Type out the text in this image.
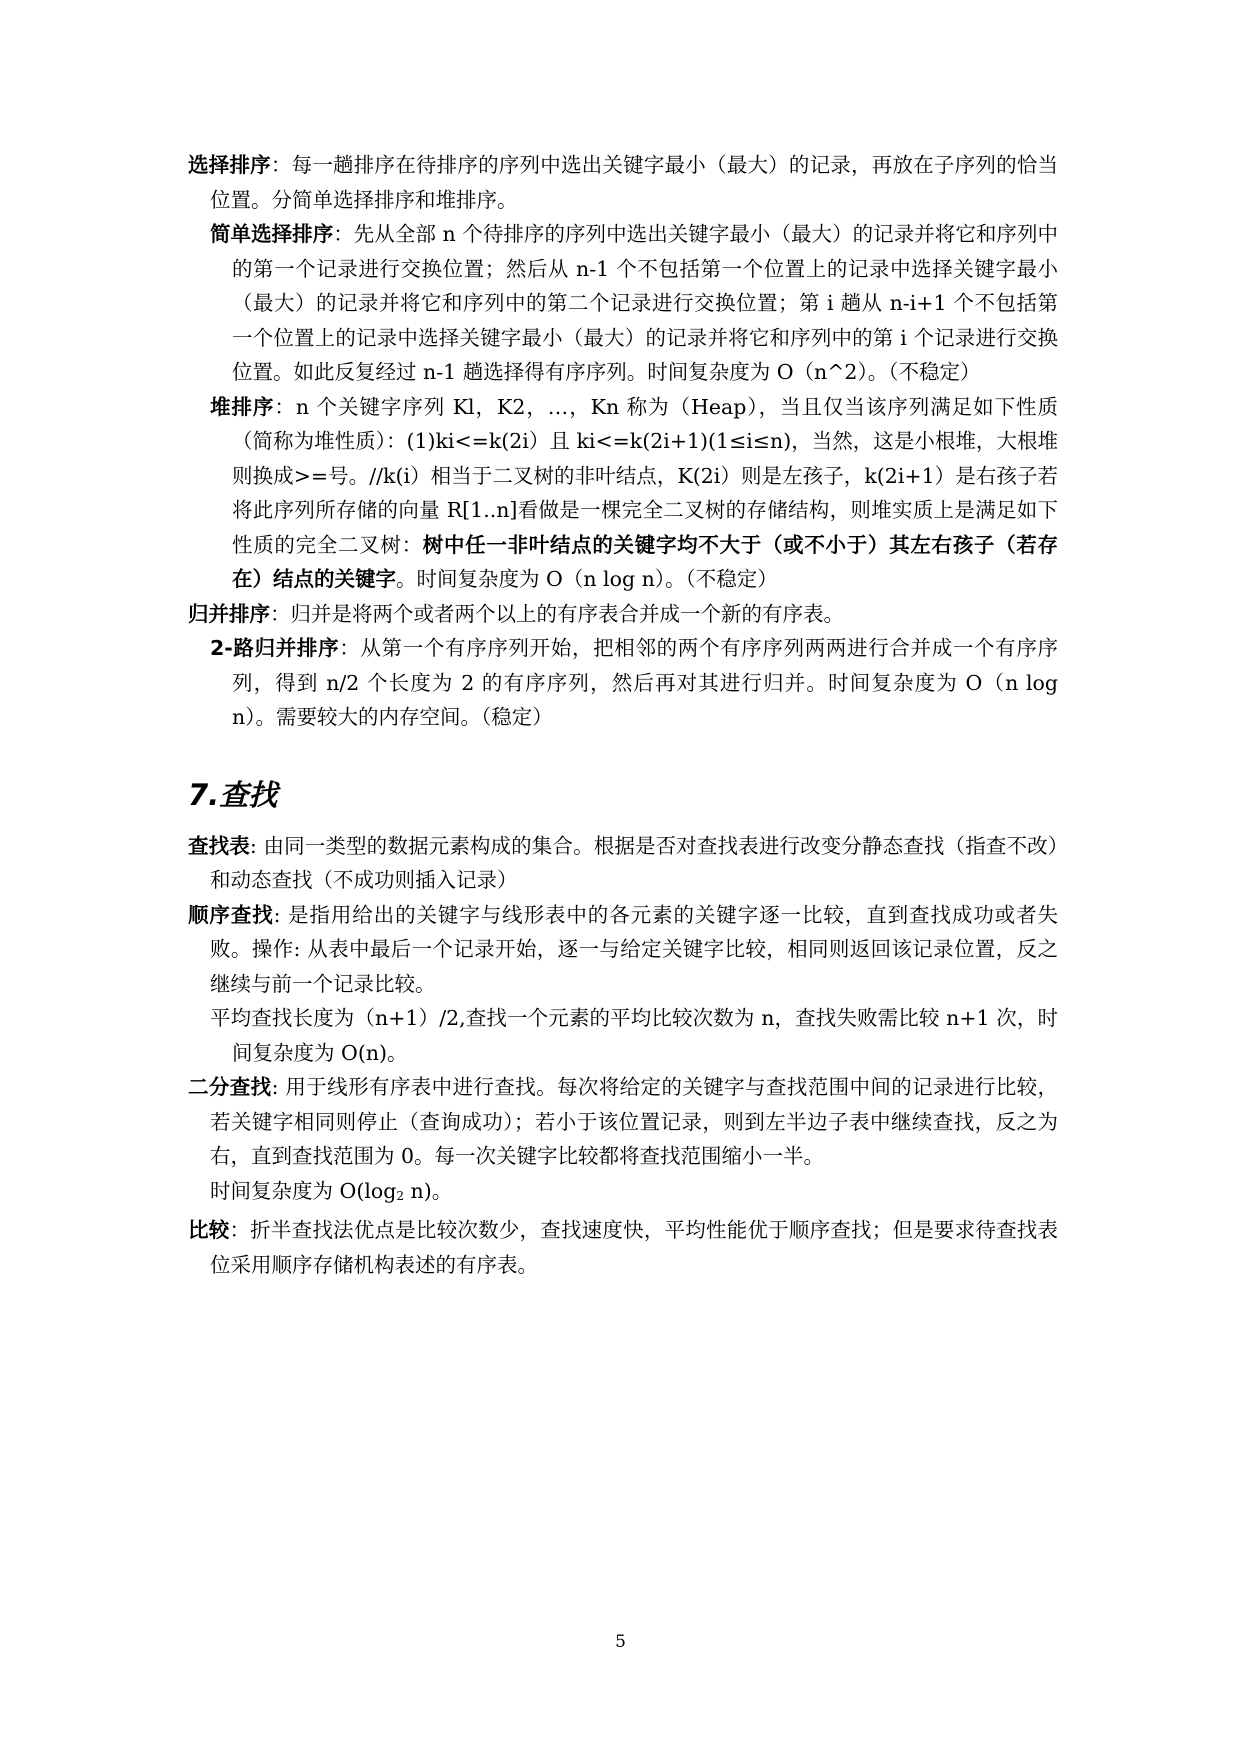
选择排序：每一趟排序在待排序的序列中选出关键字最小（最大）的记录，再放在子序列的恰当位置。分简单选择排序和堆排序。

简单选择排序：先从全部 n 个待排序的序列中选出关键字最小（最大）的记录并将它和序列中的第一个记录进行交换位置；然后从 n-1 个不包括第一个位置上的记录中选择关键字最小（最大）的记录并将它和序列中的第二个记录进行交换位置；第 i 趟从 n-i+1 个不包括第一个位置上的记录中选择关键字最小（最大）的记录并将它和序列中的第 i 个记录进行交换位置。如此反复经过 n-1 趟选择得有序序列。时间复杂度为 O（n^2）。（不稳定）

堆排序：n 个关键字序列 Kl，K2，…，Kn 称为（Heap），当且仅当该序列满足如下性质（简称为堆性质）：(1)ki<=k(2i）且 ki<=k(2i+1)(1≤i≤n)，当然，这是小根堆，大根堆则换成>=号。//k(i）相当于二叉树的非叶结点，K(2i）则是左孩子，k(2i+1）是右孩子若将此序列所存储的向量 R[1..n]看做是一棵完全二叉树的存储结构，则堆实质上是满足如下性质的完全二叉树：树中任一非叶结点的关键字均不大于（或不小于）其左右孩子（若存在）结点的关键字。时间复杂度为 O（n log n）。（不稳定）

归并排序：归并是将两个或者两个以上的有序表合并成一个新的有序表。

2-路归并排序：从第一个有序序列开始，把相邻的两个有序序列两两进行合并成一个有序序列，得到 n/2 个长度为 2 的有序序列，然后再对其进行归并。时间复杂度为 O（n log n）。需要较大的内存空间。（稳定）

7.查找

查找表: 由同一类型的数据元素构成的集合。根据是否对查找表进行改变分静态查找（指查不改）和动态查找（不成功则插入记录）

顺序查找: 是指用给出的关键字与线形表中的各元素的关键字逐一比较，直到查找成功或者失败。操作: 从表中最后一个记录开始，逐一与给定关键字比较，相同则返回该记录位置，反之继续与前一个记录比较。

平均查找长度为（n+1）/2,查找一个元素的平均比较次数为 n，查找失败需比较 n+1 次，时间复杂度为 O(n)。

二分查找: 用于线形有序表中进行查找。每次将给定的关键字与查找范围中间的记录进行比较，若关键字相同则停止（查询成功）；若小于该位置记录，则到左半边子表中继续查找，反之为右，直到查找范围为 0。每一次关键字比较都将查找范围缩小一半。

时间复杂度为 $O(\log_2$ n)。

比较：折半查找法优点是比较次数少，查找速度快，平均性能优于顺序查找；但是要求待查找表位采用顺序存储机构表述的有序表。

5
